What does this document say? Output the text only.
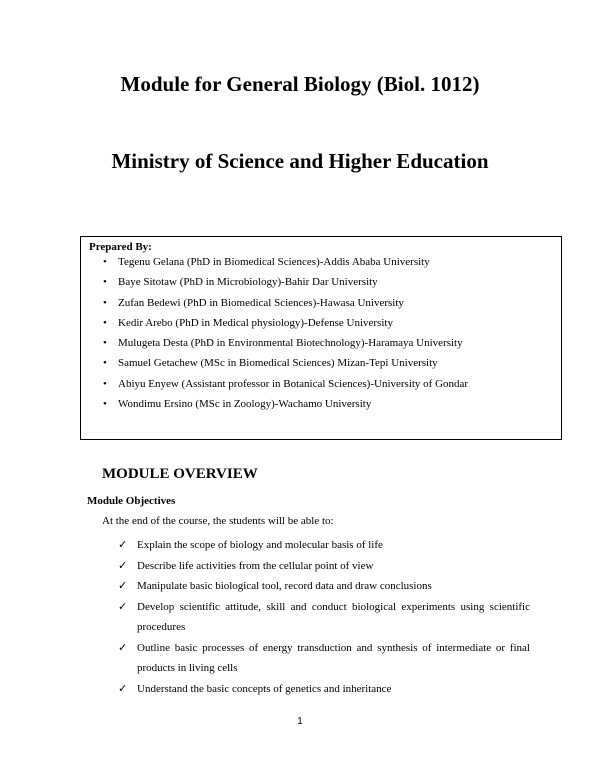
Module for General Biology (Biol. 1012)
Ministry of Science and Higher Education

Prepared By:

• Tegenu Gelana (PhD in Biomedical Sciences)-Addis Ababa University
• Baye Sitotaw (PhD in Microbiology)-Bahir Dar University
• Zufan Bedewi (PhD in Biomedical Sciences)-Hawasa University
• Kedir Arebo (PhD in Medical physiology)-Defense University
• Mulugeta Desta (PhD in Environmental Biotechnology)-Haramaya University
• Samuel Getachew (MSc in Biomedical Sciences) Mizan-Tepi University
• Abiyu Enyew (Assistant professor in Botanical Sciences)-University of Gondar
• Wondimu Ersino (MSc in Zoology)-Wachamo University
MODULE OVERVIEW
Module Objectives

At the end of the course, the students will be able to:

✓ Explain the scope of biology and molecular basis of life
✓ Describe life activities from the cellular point of view
✓ Manipulate basic biological tool, record data and draw conclusions
✓ Develop scientific attitude, skill and conduct biological experiments using scientific procedures
✓ Outline basic processes of energy transduction and synthesis of intermediate or final products in living cells
✓ Understand the basic concepts of genetics and inheritance
1
